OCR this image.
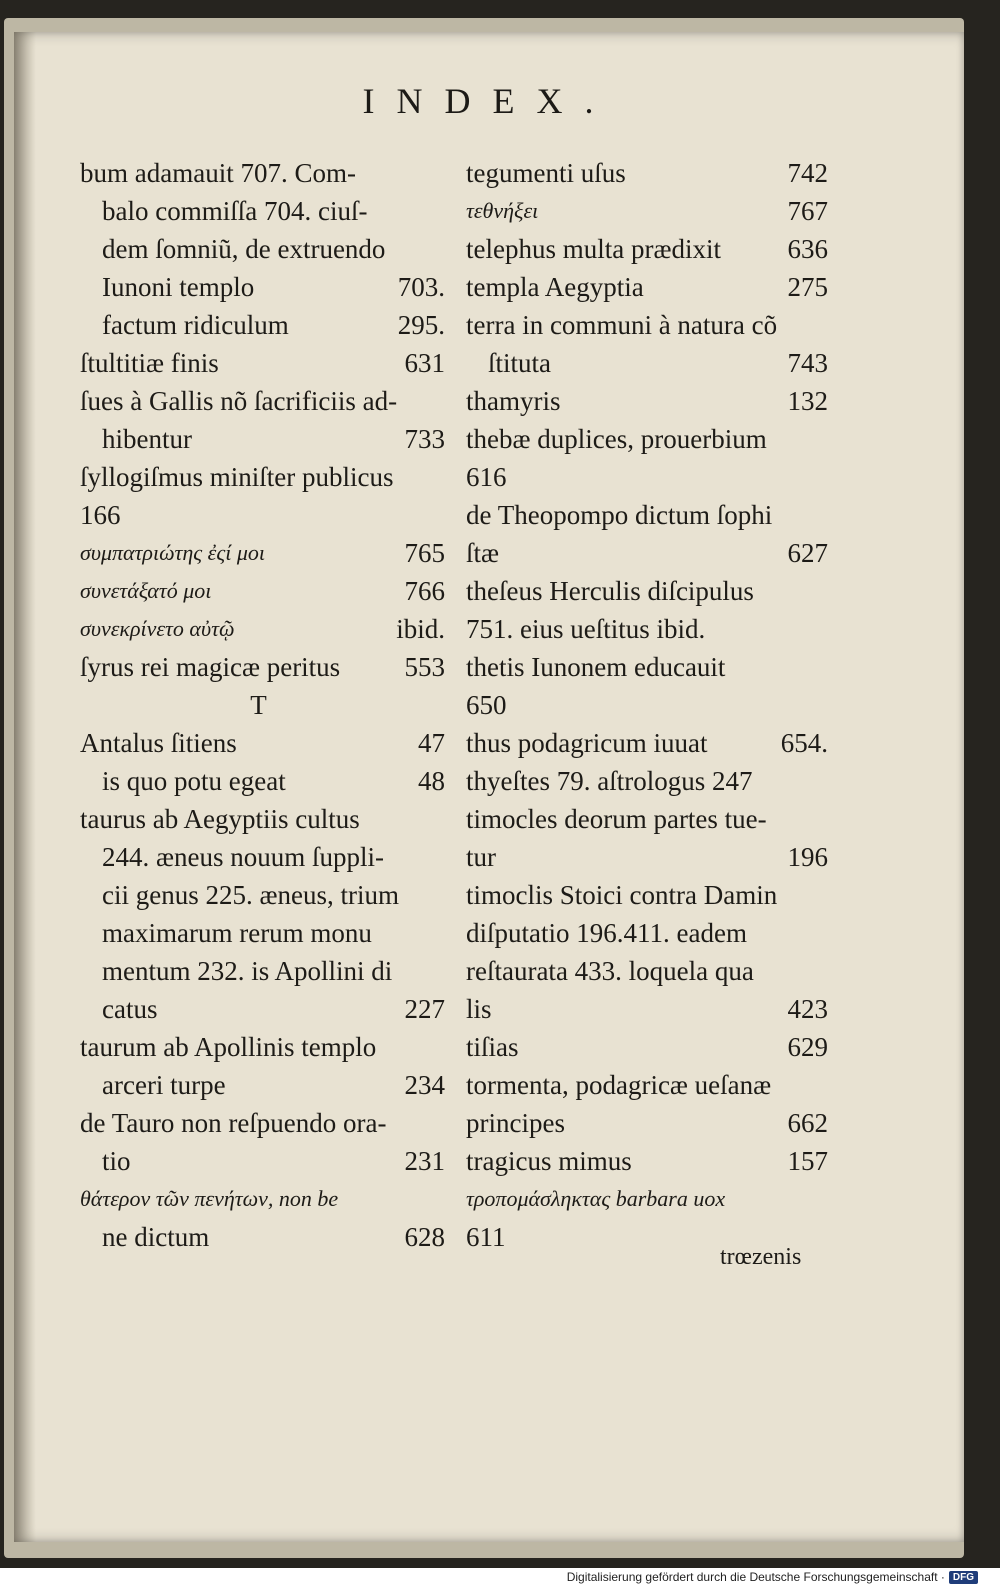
INDEX.
bum adamauit 707. Com-
balo commiſſa 704. ciuſ-
dem ſomniũ, de extruendo
Iunoni templo	703.
factum ridiculum	295.
ſtultitiæ finis	631
ſues à Gallis nõ ſacrificiis ad-
hibentur	733
ſyllogiſmus miniſter publicus
166
συμπατριώτης ἐςί μοι	765
συνετάξατό μοι	766
συνεκρίνετο αὐτῷ	ibid.
ſyrus rei magicæ peritus 553
T
Antalus ſitiens	47
is quo potu egeat	48
taurus ab Aegyptiis cultus
244. æneus nouum ſuppli-
cii genus 225. æneus, trium
maximarum rerum monu
mentum 232. is Apollini di
catus	227
taurum ab Apollinis templo
arceri turpe	234
de Tauro non reſpuendo ora-
tio	231
θάτερον τῶν πενήτων, non be
ne dictum	628
tegumenti uſus	742
τεθνήξει	767
telephus multa prædixit 636
templa Aegyptia	275
terra in communi à natura cõ
ſtituta	743
thamyris	132
thebæ duplices, prouerbium
616
de Theopompo dictum ſophi
ſtæ	627
theſeus Herculis diſcipulus
751. eius ueſtitus ibid.
thetis Iunonem educauit
650
thus podagricum iuuat	654.
thyeſtes 79. aſtrologus 247
timocles deorum partes tue-
tur	196
timoclis Stoici contra Damin
diſputatio 196.411. eadem
reſtaurata 433. loquela qua
lis	423
tiſias	629
tormenta, podagricæ ueſanæ
principes	662
tragicus mimus	157
τροπομάσληκτας barbara uox
611
trœzenis
Digitalisierung gefördert durch die Deutsche Forschungsgemeinschaft · DFG
